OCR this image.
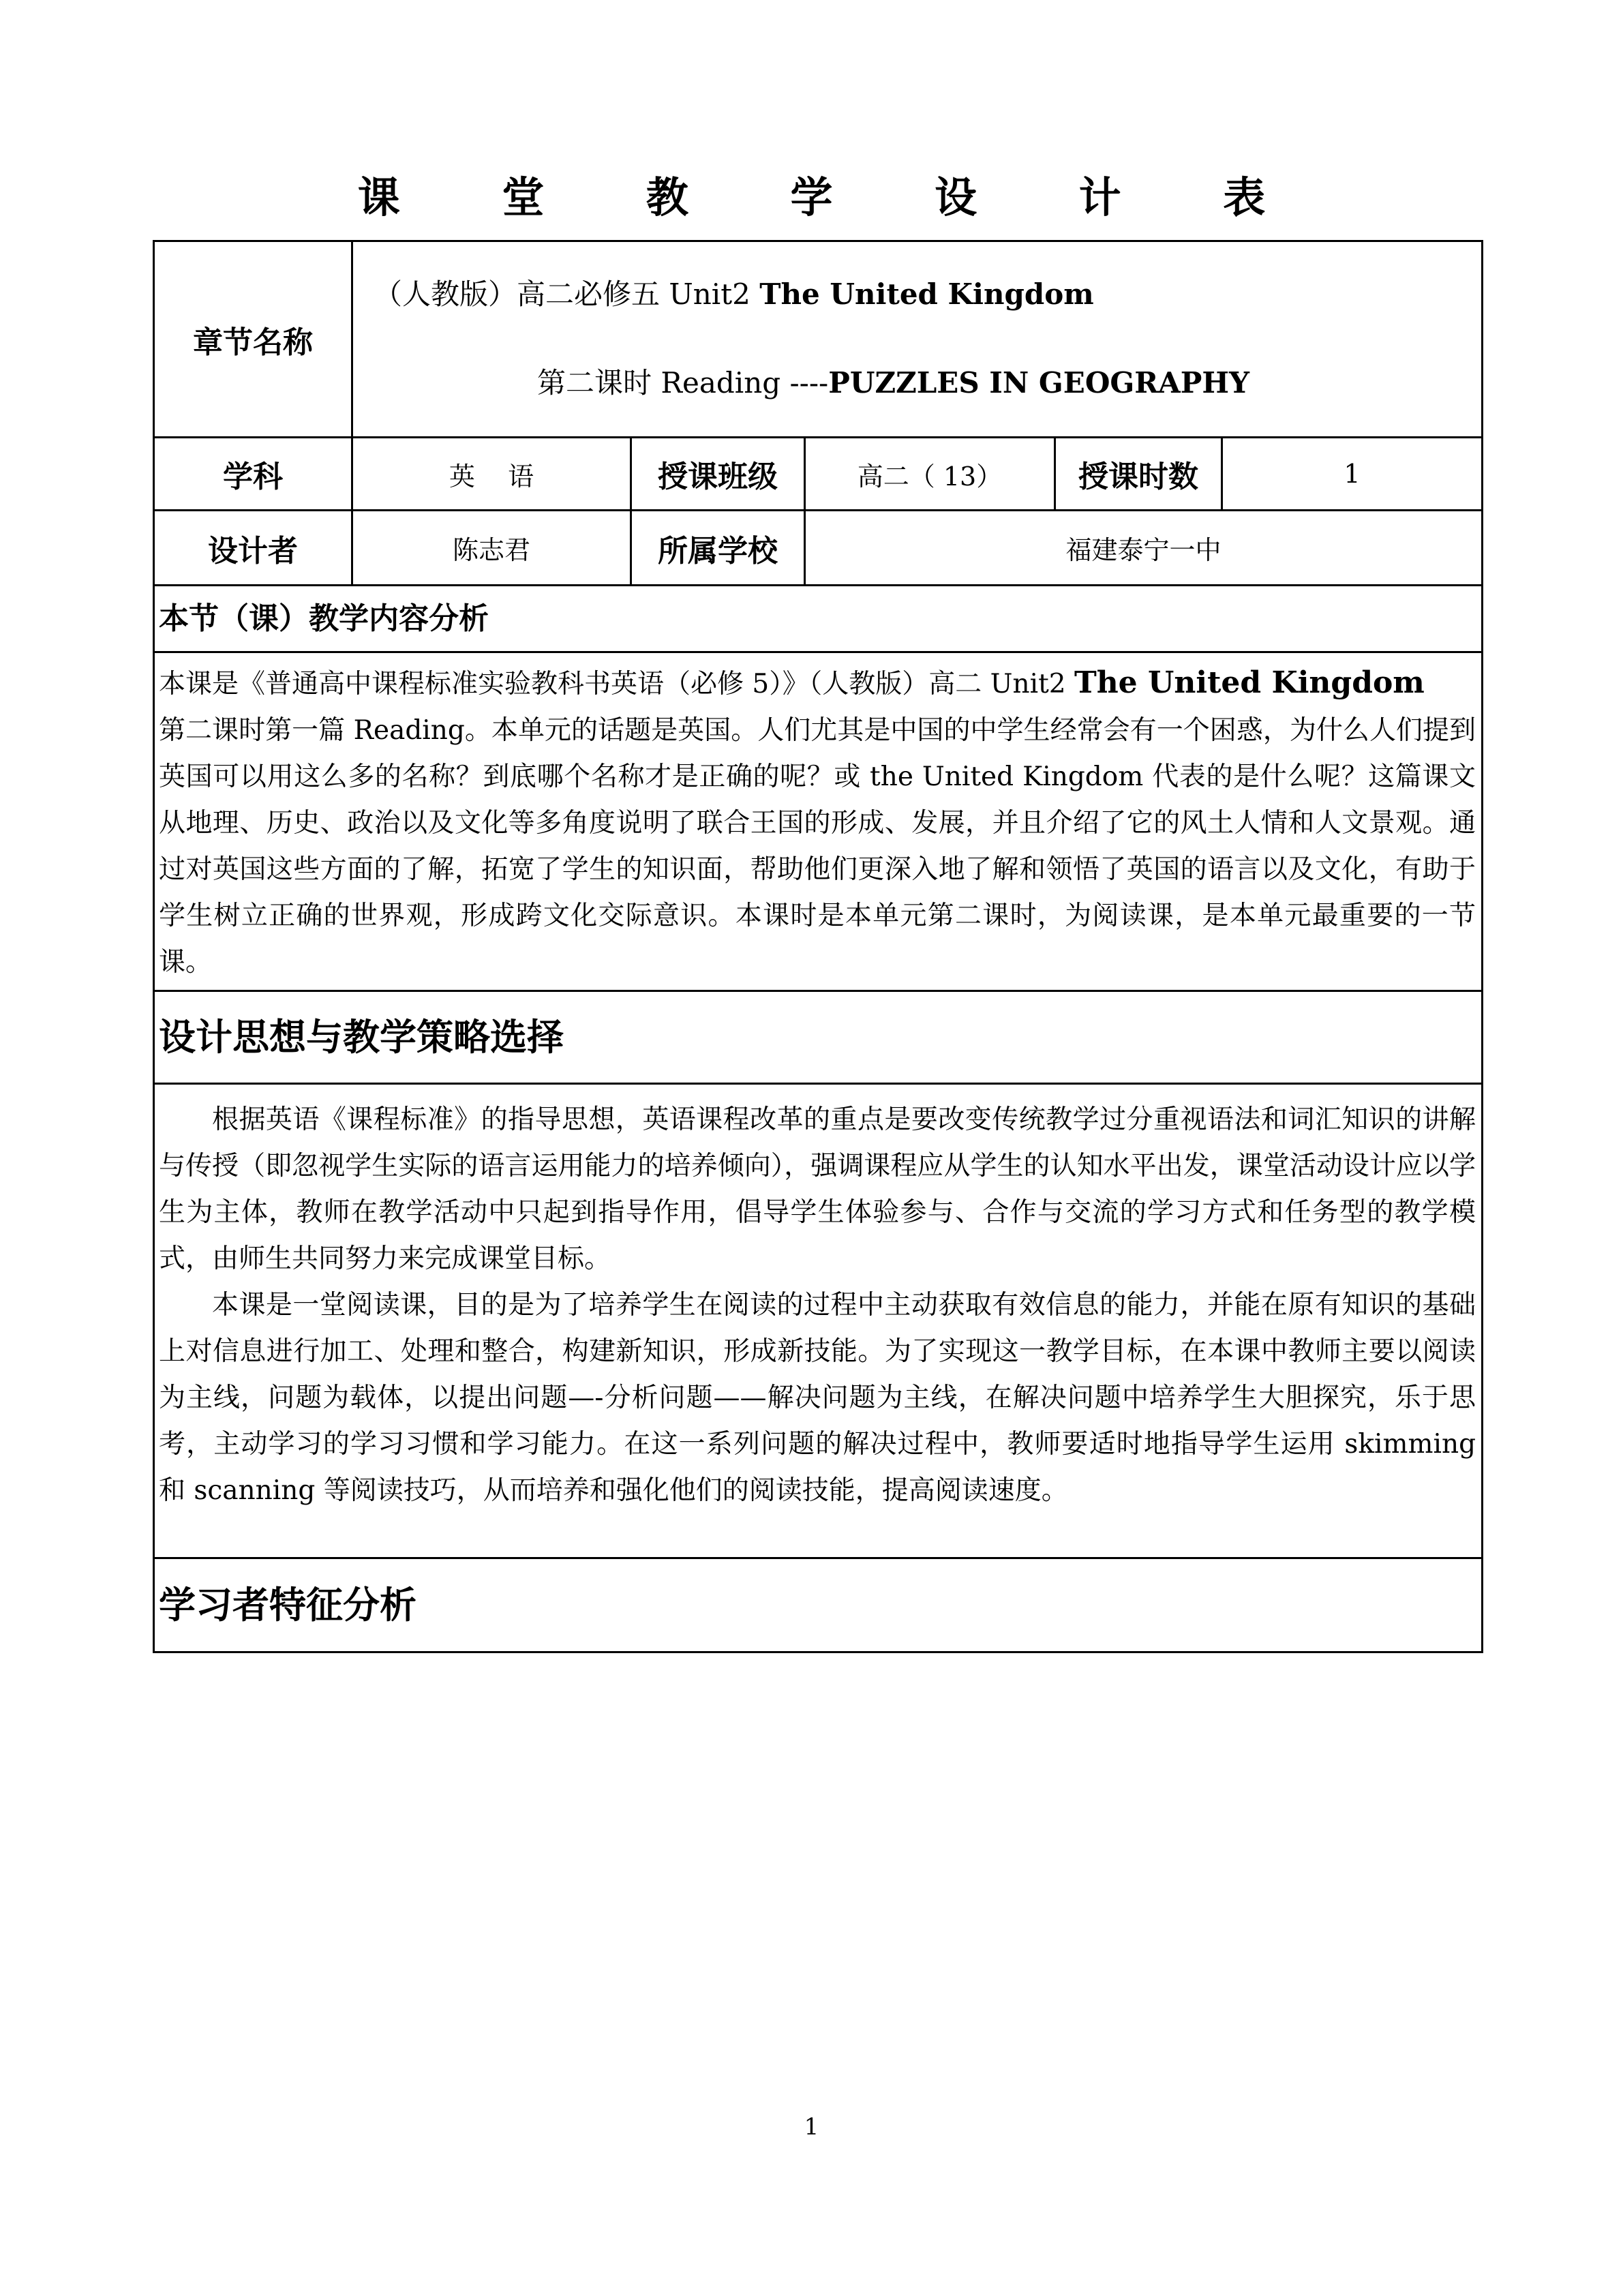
课 堂 教 学 设 计 表
章节名称	（人教版）高二必修五 Unit2 The United Kingdom
第二课时 Reading ----PUZZLES IN GEOGRAPHY				

学科	英    语	授课班级	高二（ 13）	授课时数	1
设计者	陈志君	所属学校	福建泰宁一中		
本节（课）教学内容分析					
本课是《普通高中课程标准实验教科书英语（必修 5）》（人教版）高二 Unit2 The United Kingdom
第二课时第一篇 Reading。本单元的话题是英国。人们尤其是中国的中学生经常会有一个困惑，为什么人们提到英国可以用这么多的名称？到底哪个名称才是正确的呢？或 the United Kingdom 代表的是什么呢？这篇课文从地理、历史、政治以及文化等多角度说明了联合王国的形成、发展，并且介绍了它的风土人情和人文景观。通过对英国这些方面的了解，拓宽了学生的知识面，帮助他们更深入地了解和领悟了英国的语言以及文化，有助于学生树立正确的世界观，形成跨文化交际意识。本课时是本单元第二课时，为阅读课，是本单元最重要的一节课。					
设计思想与教学策略选择					

根据英语《课程标准》的指导思想，英语课程改革的重点是要改变传统教学过分重视语法和词汇知识的讲解与传授（即忽视学生实际的语言运用能力的培养倾向），强调课程应从学生的认知水平出发，课堂活动设计应以学生为主体，教师在教学活动中只起到指导作用，倡导学生体验参与、合作与交流的学习方式和任务型的教学模式，由师生共同努力来完成课堂目标。
本课是一堂阅读课，目的是为了培养学生在阅读的过程中主动获取有效信息的能力，并能在原有知识的基础上对信息进行加工、处理和整合，构建新知识，形成新技能。为了实现这一教学目标，在本课中教师主要以阅读为主线，问题为载体，以提出问题—-分析问题——解决问题为主线，在解决问题中培养学生大胆探究，乐于思考，主动学习的学习习惯和学习能力。在这一系列问题的解决过程中，教师要适时地指导学生运用 skimming 和 scanning 等阅读技巧，从而培养和强化他们的阅读技能，提高阅读速度。					

学习者特征分析					
1
